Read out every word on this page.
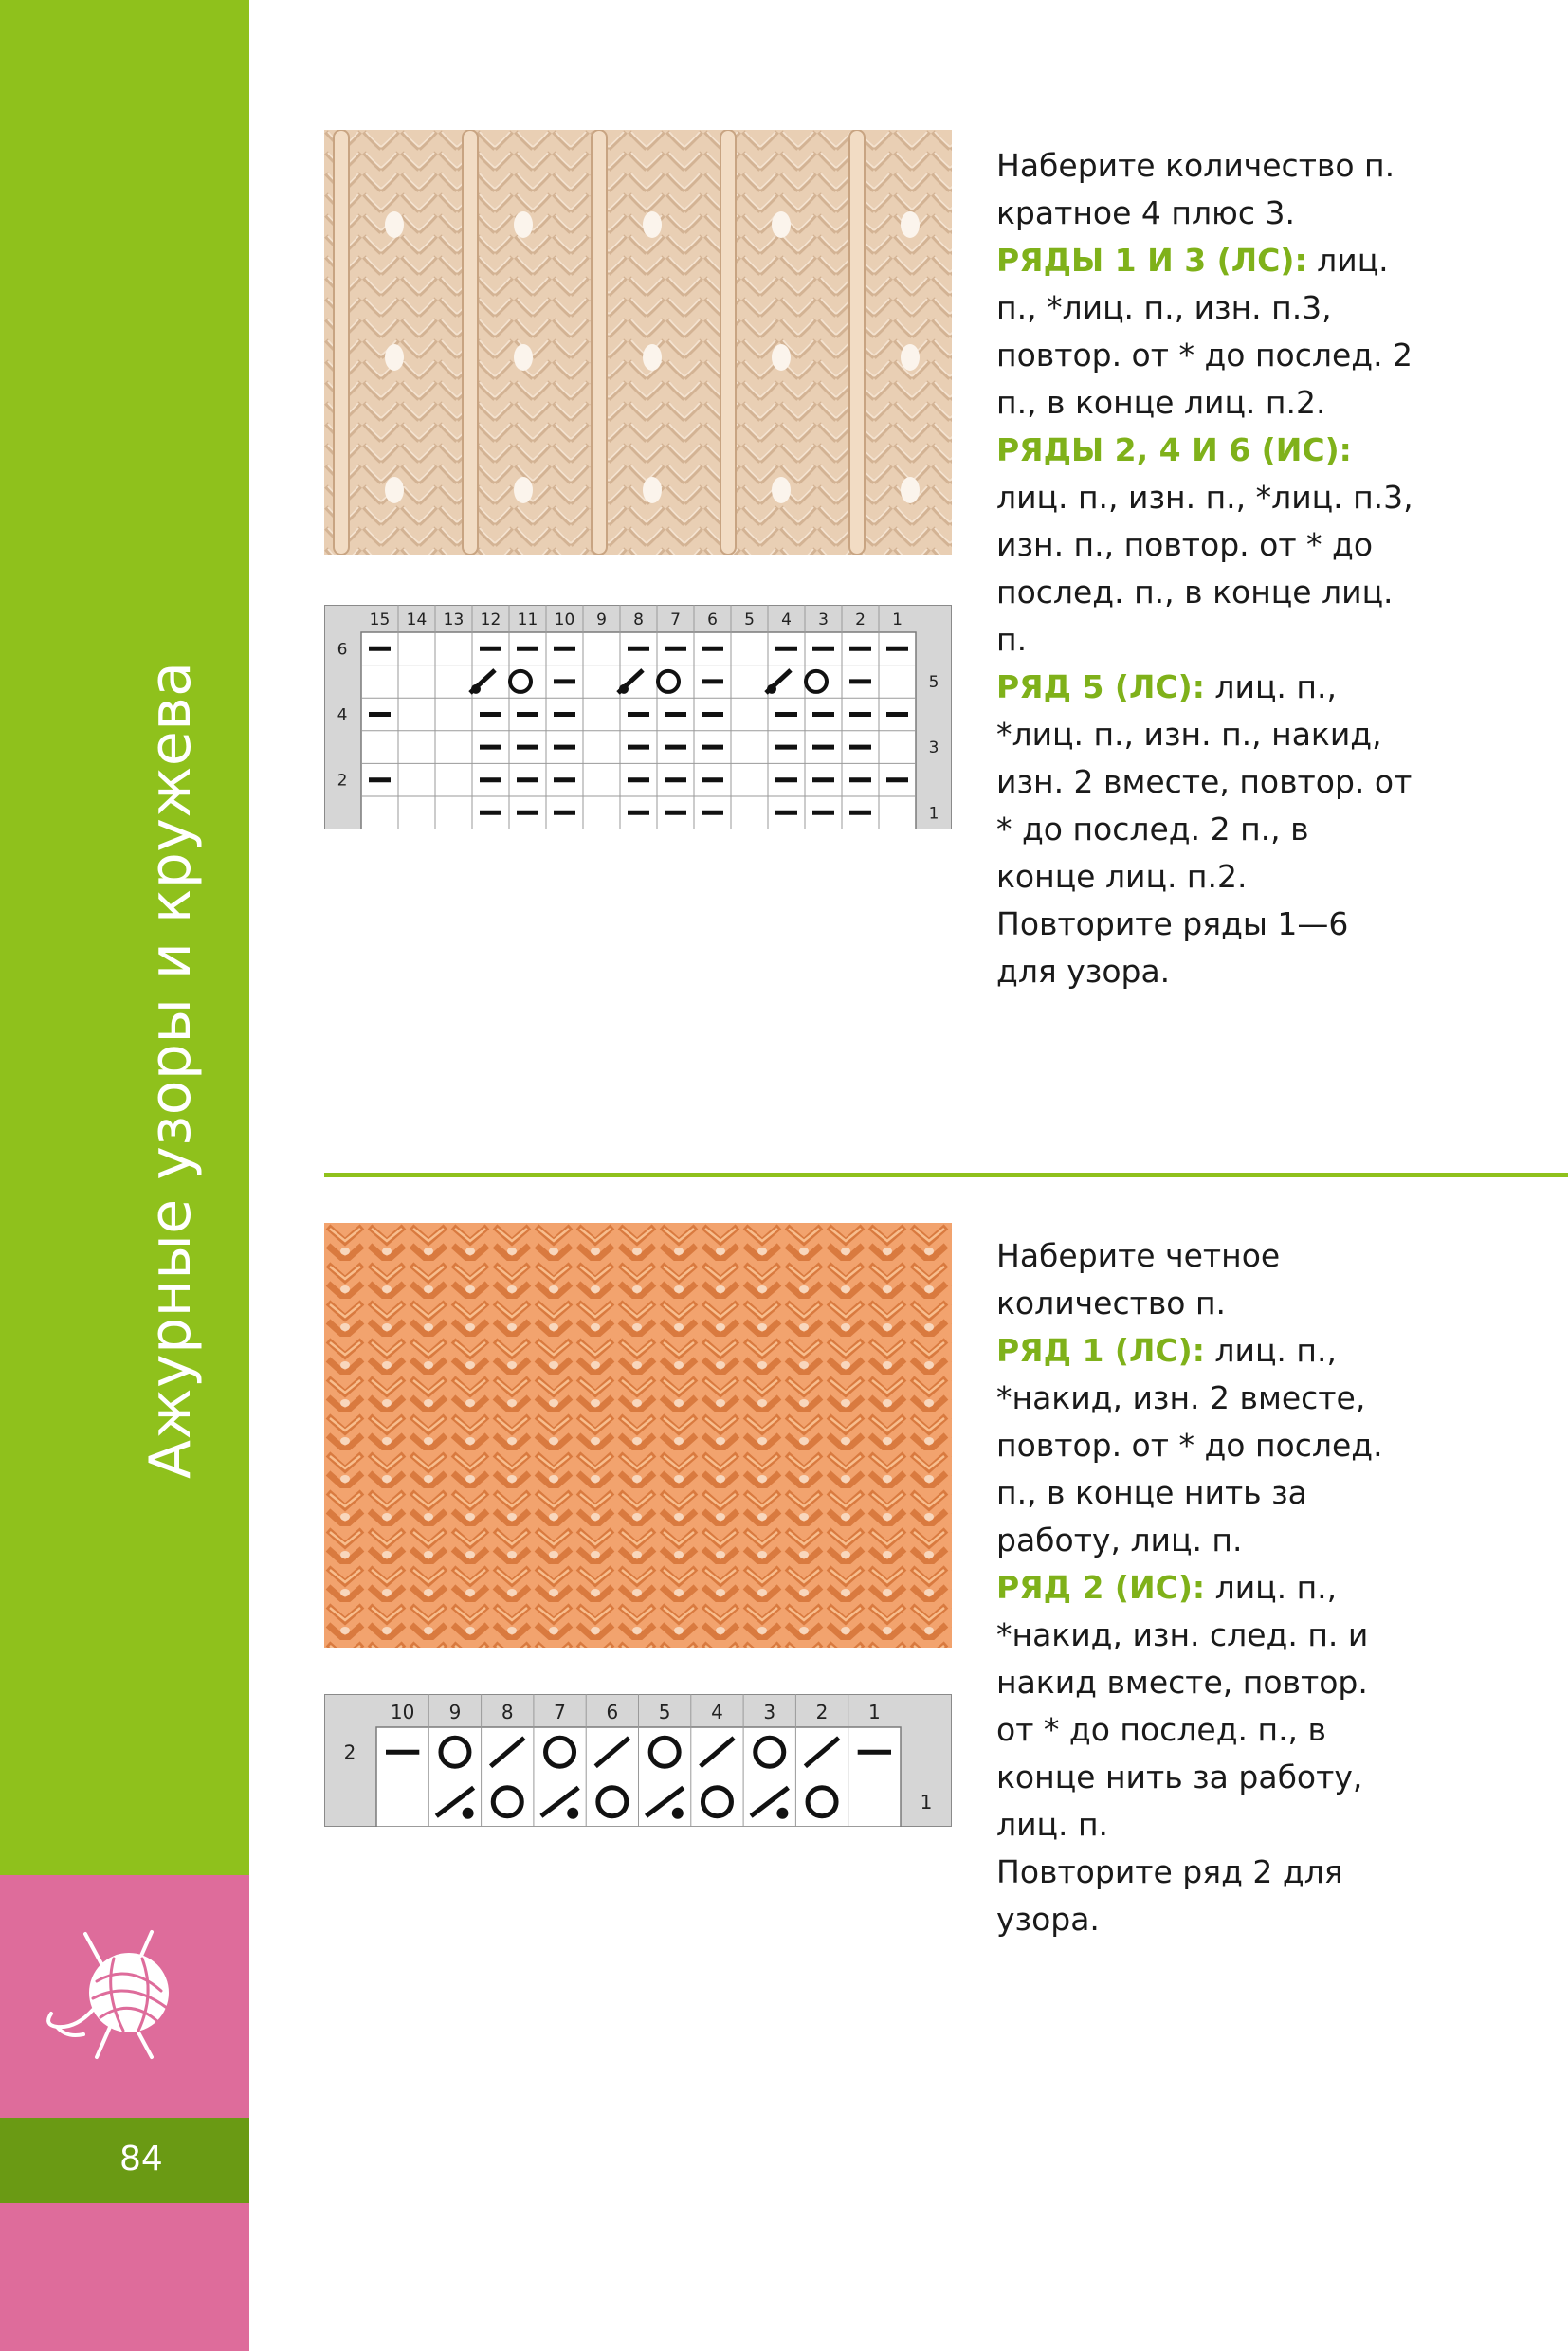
Ажурные узоры и кружева
84
15 14 13 12 11 10 9 8 7 6 5 4 3 2 1
6
4
2
5
3
1

Наберите количество п. кратное 4 плюс 3.

РЯДЫ 1 И 3 (ЛС): лиц. п., *лиц. п., изн. п.3, повтор. от * до послед. 2 п., в конце лиц. п.2.

РЯДЫ 2, 4 И 6 (ИС): лиц. п., изн. п., *лиц. п.3, изн. п., повтор. от * до послед. п., в конце лиц. п.

РЯД 5 (ЛС): лиц. п., *лиц. п., изн. п., накид, изн. 2 вместе, повтор. от * до послед. 2 п., в конце лиц. п.2.

Повторите ряды 1—6 для узора.

10 9 8 7 6 5 4 3 2 1
2
1

Наберите четное количество п.

РЯД 1 (ЛС): лиц. п., *накид, изн. 2 вместе, повтор. от * до послед. п., в конце нить за работу, лиц. п.

РЯД 2 (ИС): лиц. п., *накид, изн. след. п. и накид вместе, повтор. от * до послед. п., в конце нить за работу, лиц. п.

Повторите ряд 2 для узора.
